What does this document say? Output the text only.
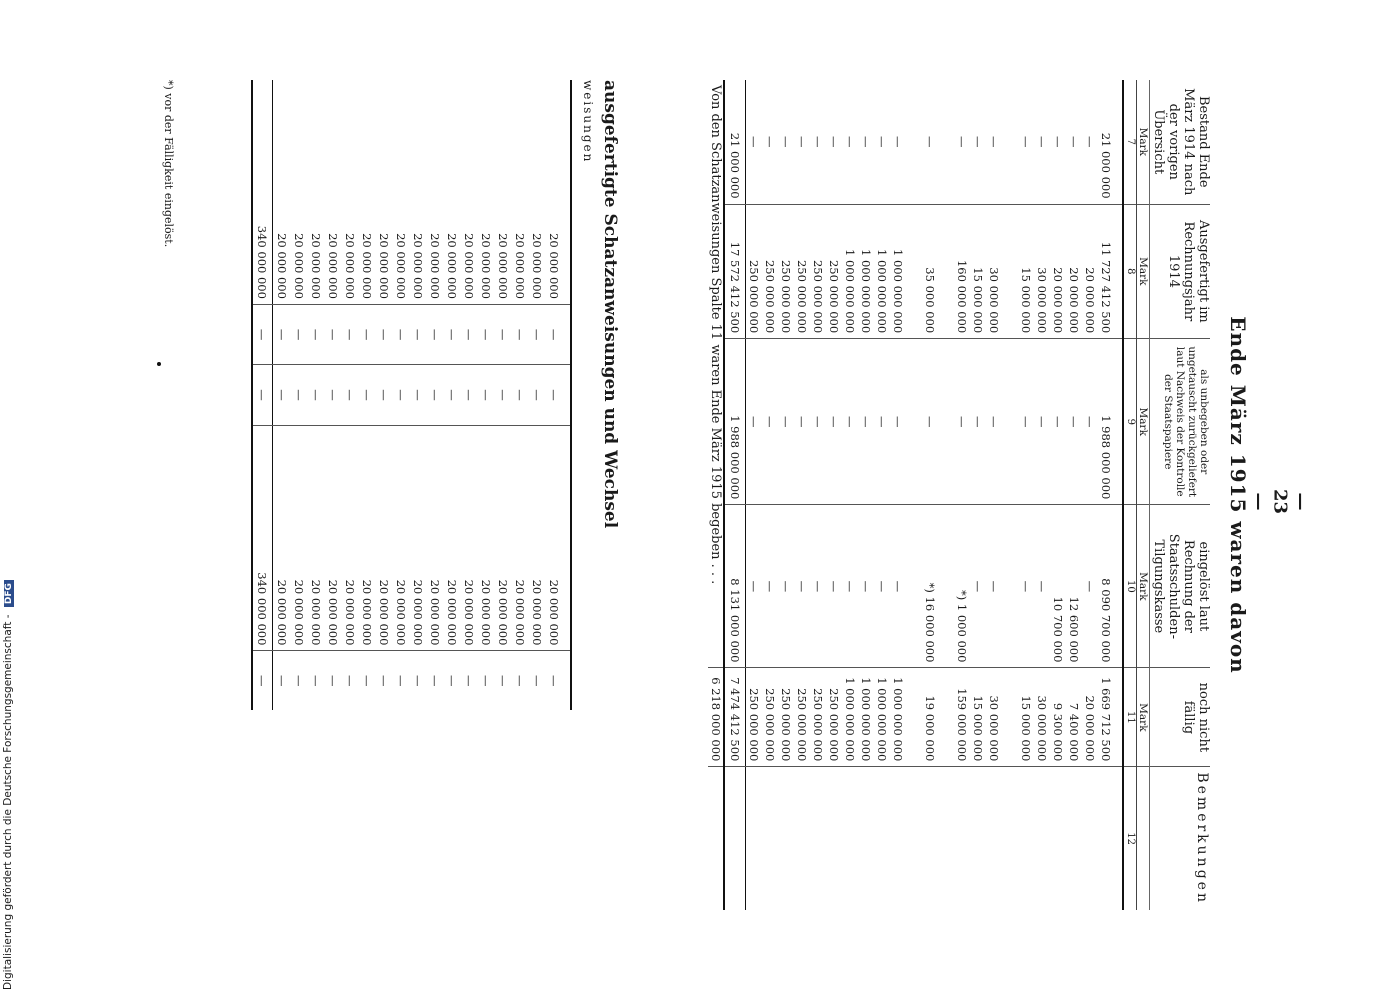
— 23 —
Ende März 1915 waren davon
Bestand Ende März 1914 nach der vorigen Übersicht	Ausgefertigt im Rechnungsjahr 1914	als unbegeben oder ungetauscht zurückgeliefert laut Nachweis der Kontrolle der Staatspapiere	eingelöst laut Rechnung der Staatsschulden-Tilgungskasse	noch nicht fällig	Bemerkungen
Mark	Mark	Mark	Mark	Mark	
7	8	9	10	11	12
21 000 000	11 727 412 500	1 988 000 000	8 090 700 000	1 669 712 500	
—	20 000 000	—	—	20 000 000	
—	20 000 000	—	12 600 000	7 400 000	
—	20 000 000	—	10 700 000	9 300 000	
—	30 000 000	—	—	30 000 000	
—	15 000 000	—	—	15 000 000	

—	30 000 000	—	—	30 000 000	
—	15 000 000	—	—	15 000 000	
—	160 000 000	—	*) 1 000 000	159 000 000	

—	35 000 000	—	*) 16 000 000	19 000 000	

—	1 000 000 000	—	—	1 000 000 000	
—	1 000 000 000	—	—	1 000 000 000	
—	1 000 000 000	—	—	1 000 000 000	
—	1 000 000 000	—	—	1 000 000 000	
—	250 000 000	—	—	250 000 000	
—	250 000 000	—	—	250 000 000	
—	250 000 000	—	—	250 000 000	
—	250 000 000	—	—	250 000 000	
—	250 000 000	—	—	250 000 000	
—	250 000 000	—	—	250 000 000	
21 000 000	17 572 412 500	1 988 000 000	8 131 000 000	7 474 412 500	
Von den Schatzanweisungen Spalte 11 waren Ende März 1915 begeben . . .				6 218 000 000	
ausgefertigte Schatzanweisungen und Wechsel
weisungen
20 000 000	—	—	20 000 000	—
20 000 000	—	—	20 000 000	—
20 000 000	—	—	20 000 000	—
20 000 000	—	—	20 000 000	—
20 000 000	—	—	20 000 000	—
20 000 000	—	—	20 000 000	—
20 000 000	—	—	20 000 000	—
20 000 000	—	—	20 000 000	—
20 000 000	—	—	20 000 000	—
20 000 000	—	—	20 000 000	—
20 000 000	—	—	20 000 000	—
20 000 000	—	—	20 000 000	—
20 000 000	—	—	20 000 000	—
20 000 000	—	—	20 000 000	—
20 000 000	—	—	20 000 000	—
20 000 000	—	—	20 000 000	—
20 000 000	—	—	20 000 000	—
340 000 000	—	—	340 000 000	—
*) vor der Fälligkeit eingelöst.
Digitalisierung gefördert durch die Deutsche Forschungsgemeinschaft - DFG
